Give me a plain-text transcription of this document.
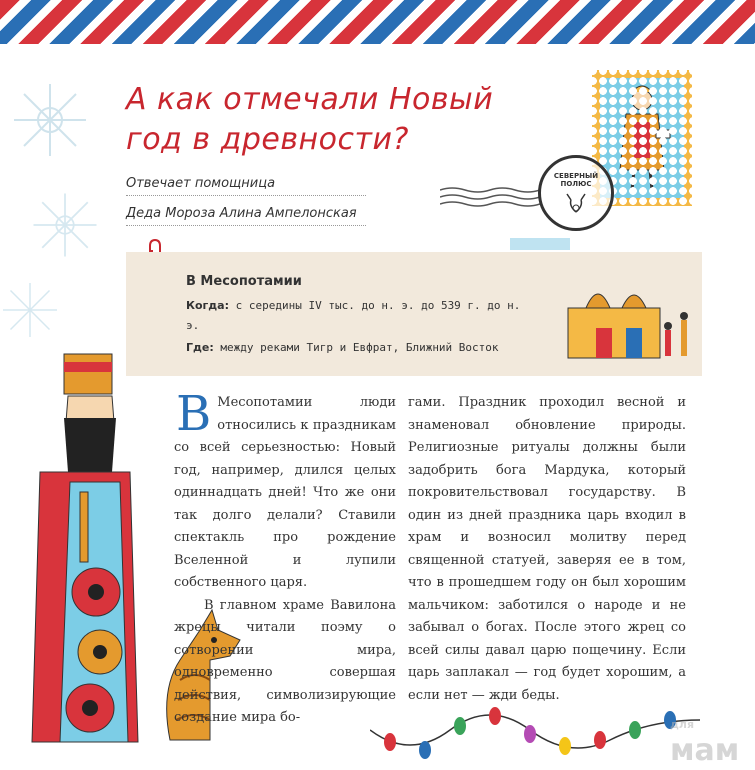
А как отмечали Новый год в древности?
Отвечает помощница
Деда Мороза Алина Ампелонская
СЕВЕРНЫЙ ПОЛЮС
В Месопотамии
Когда: с середины IV тыс. до н. э. до 539 г. до н. э.
Где: между реками Тигр и Евфрат, Ближний Восток
В Месопотамии люди относились к праздникам со всей серьезностью: Новый год, например, длился целых одиннадцать дней! Что же они так долго делали? Ставили спектакль про рождение Вселенной и лупили собственного царя.
В главном храме Вавилона жрецы читали поэму о сотворении мира, одновременно совершая действия, символизирующие создание мира бо-
гами. Праздник проходил весной и знаменовал обновление природы. Религиозные ритуалы должны были задобрить бога Мардука, который покровительствовал государству. В один из дней праздника царь входил в храм и возносил молитву перед священной статуей, заверяя ее в том, что в прошедшем году он был хорошим мальчиком: заботился о народе и не забывал о богах. После этого жрец со всей силы давал царю пощечину. Если царь заплакал — год будет хорошим, а если нет — жди беды.
для
мам
